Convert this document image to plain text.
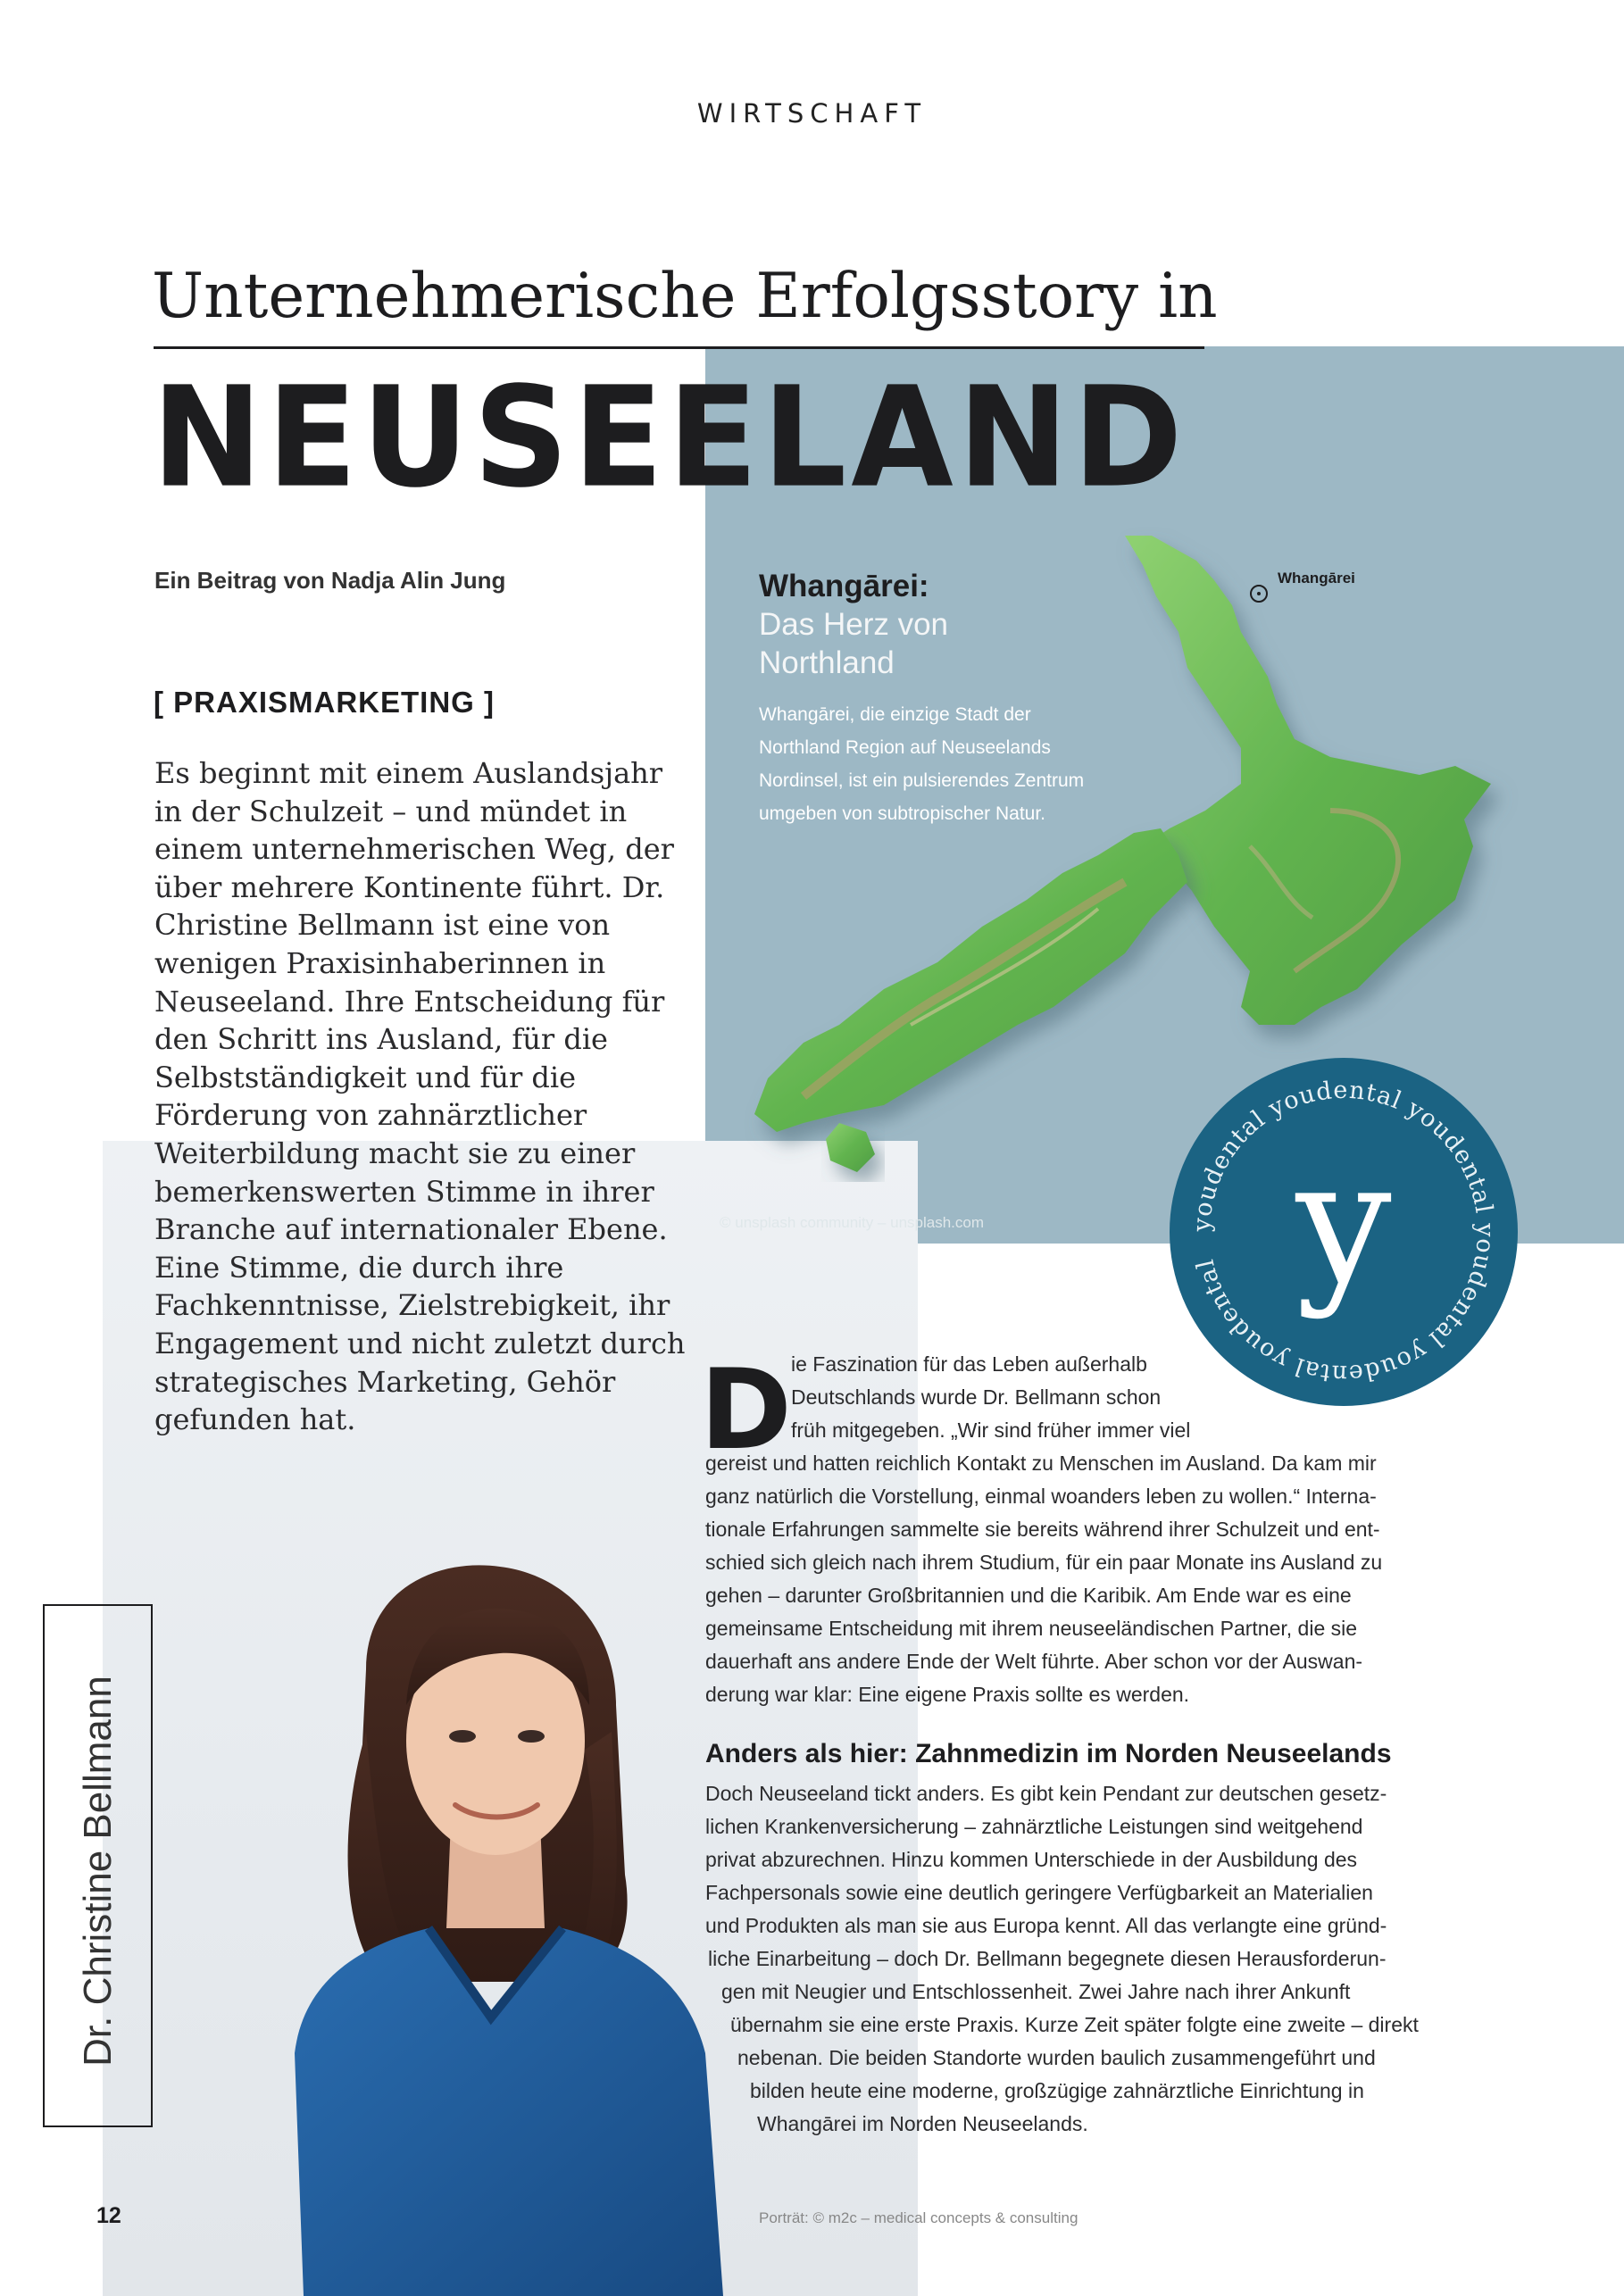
WIRTSCHAFT
Whangārei
Unternehmerische Erfolgsstory in
NEUSEELAND
Ein Beitrag von Nadja Alin Jung
[ PRAXISMARKETING ]

Es beginnt mit einem Auslandsjahr in der Schulzeit – und mündet in einem unternehmerischen Weg, der über mehrere Kontinente führt. Dr. Christine Bellmann ist eine von wenigen Praxisinhaberinnen in Neuseeland. Ihre Entscheidung für den Schritt ins Ausland, für die Selbstständigkeit und für die Förderung von zahnärztlicher Weiterbildung macht sie zu einer bemerkenswerten Stimme in ihrer Branche auf internationaler Ebene. Eine Stimme, die durch ihre Fachkenntnisse, Zielstrebigkeit, ihr Engagement und nicht zuletzt durch strategisches Marketing, Gehör gefunden hat.

Whangārei:
Das Herz von Northland
Whangārei, die einzige Stadt der Northland Region auf Neuseelands Nordinsel, ist ein pulsierendes Zentrum umgeben von subtropischer Natur.
© unsplash community – unsplash.com	youdental youdental youdental youdental youdental youdental y
Dr. Christine Bellmann
D ie Faszination für das Leben außerhalb
Deutschlands wurde Dr. Bellmann schon
früh mitgegeben. „Wir sind früher immer viel
gereist und hatten reichlich Kontakt zu Menschen im Ausland. Da kam mir
ganz natürlich die Vorstellung, einmal woanders leben zu wollen.“ Interna-
tionale Erfahrungen sammelte sie bereits während ihrer Schulzeit und ent-
schied sich gleich nach ihrem Studium, für ein paar Monate ins Ausland zu
gehen – darunter Großbritannien und die Karibik. Am Ende war es eine
gemeinsame Entscheidung mit ihrem neuseeländischen Partner, die sie
dauerhaft ans andere Ende der Welt führte. Aber schon vor der Auswan-
derung war klar: Eine eigene Praxis sollte es werden.
Anders als hier: Zahnmedizin im Norden Neuseelands
Doch Neuseeland tickt anders. Es gibt kein Pendant zur deutschen gesetz-
lichen Krankenversicherung – zahnärztliche Leistungen sind weitgehend
privat abzurechnen. Hinzu kommen Unterschiede in der Ausbildung des
Fachpersonals sowie eine deutlich geringere Verfügbarkeit an Materialien
und Produkten als man sie aus Europa kennt. All das verlangte eine gründ-
liche Einarbeitung – doch Dr. Bellmann begegnete diesen Herausforderun-
gen mit Neugier und Entschlossenheit. Zwei Jahre nach ihrer Ankunft
übernahm sie eine erste Praxis. Kurze Zeit später folgte eine zweite – direkt
nebenan. Die beiden Standorte wurden baulich zusammengeführt und
bilden heute eine moderne, großzügige zahnärztliche Einrichtung in
Whangārei im Norden Neuseelands.
12	Porträt: © m2c – medical concepts & consulting
